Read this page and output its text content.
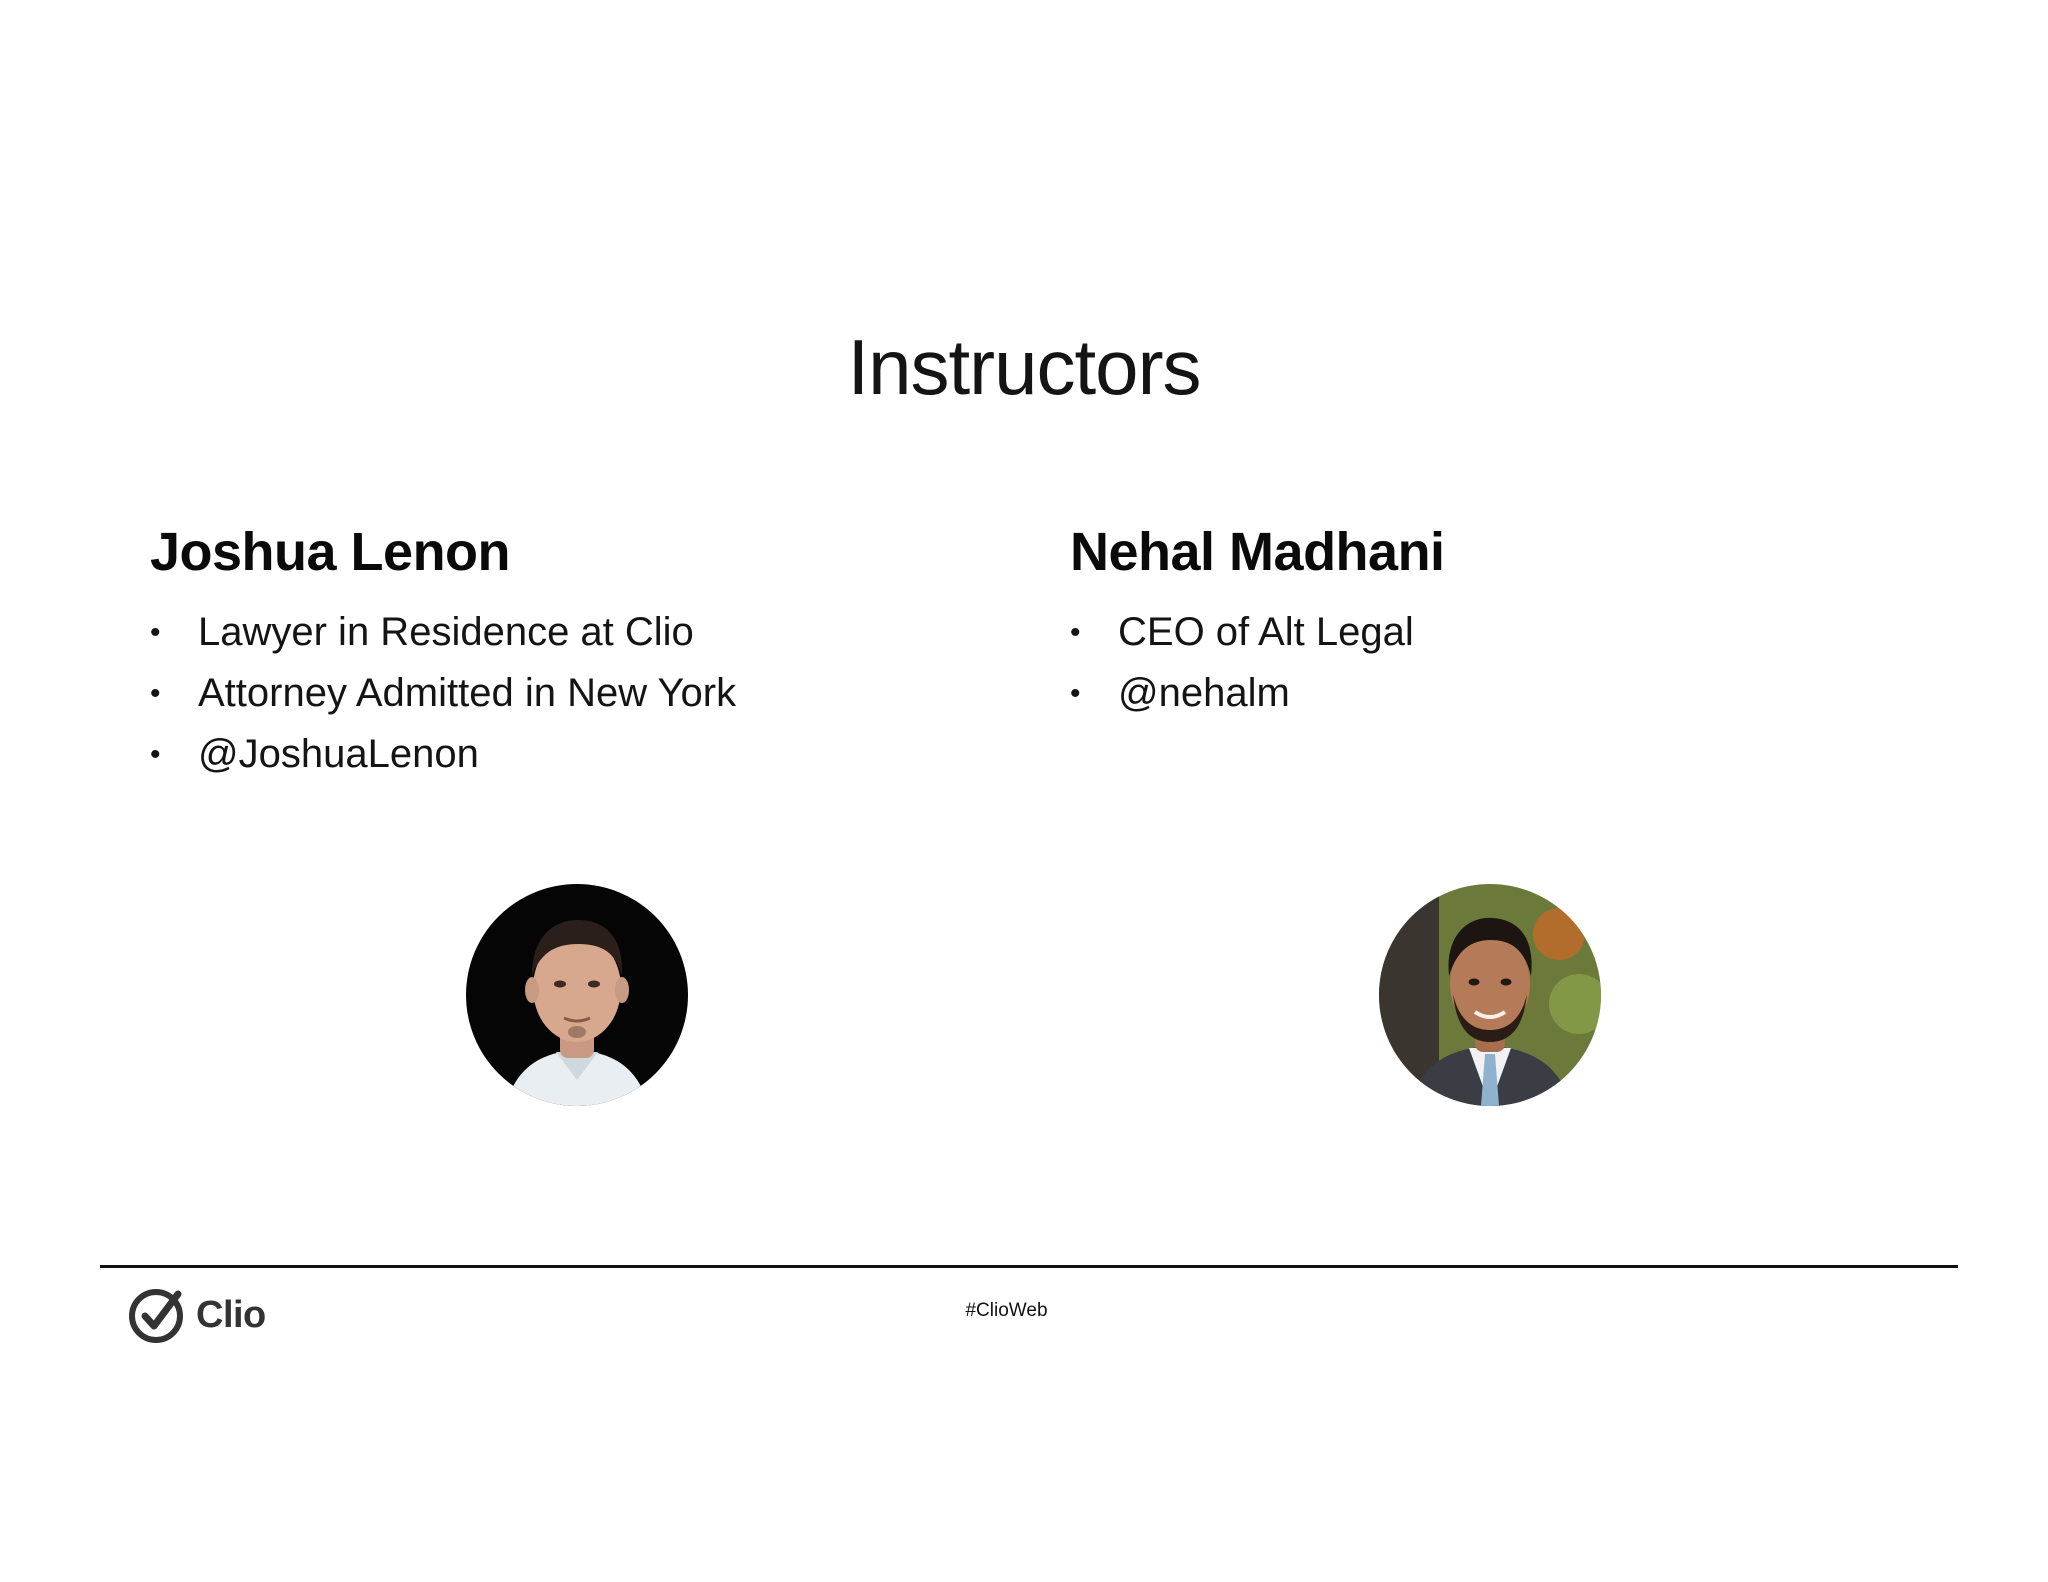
Instructors
Joshua Lenon
• Lawyer in Residence at Clio
• Attorney Admitted in New York
• @JoshuaLenon
Nehal Madhani
• CEO of Alt Legal
• @nehalm
Clio	#ClioWeb
